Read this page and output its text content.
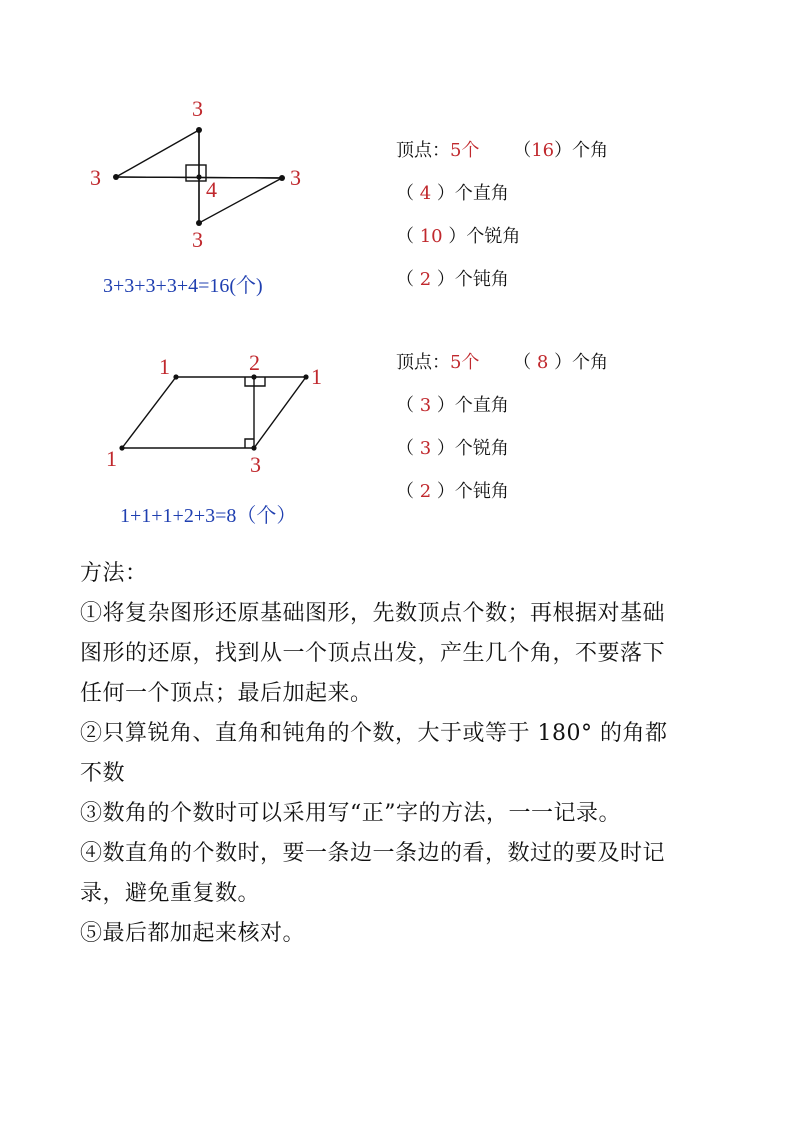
3
3	3
3
4
3+3+3+3+4=16(个)
顶点：5个 （16）个角
（ 4 ）个直角
（ 10 ）个锐角
（ 2 ）个钝角
1	2
1
1	3
1+1+1+2+3=8（个）
顶点：5个 （ 8 ）个角
（ 3 ）个直角
（ 3 ）个锐角
（ 2 ）个钝角

方法：

①将复杂图形还原基础图形，先数顶点个数；再根据对基础

图形的还原，找到从一个顶点出发，产生几个角，不要落下

任何一个顶点；最后加起来。

②只算锐角、直角和钝角的个数，大于或等于 180° 的角都

不数

③数角的个数时可以采用写“正”字的方法，一一记录。

④数直角的个数时，要一条边一条边的看，数过的要及时记

录，避免重复数。

⑤最后都加起来核对。
